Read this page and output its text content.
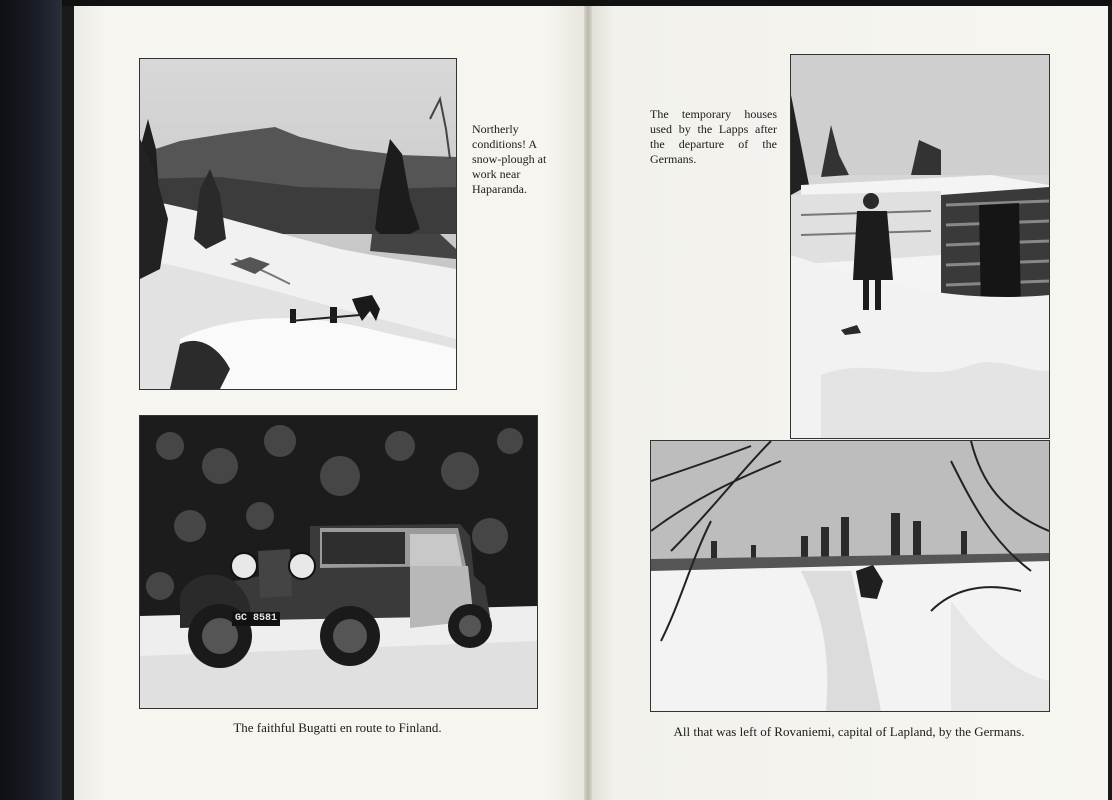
Northerly conditions! A snow-plough at work near Haparanda.
GC 8581
The faithful Bugatti en route to Finland.
The temporary houses used by the Lapps after the departure of the Germans.
All that was left of Rovaniemi, capital of Lapland, by the Germans.
